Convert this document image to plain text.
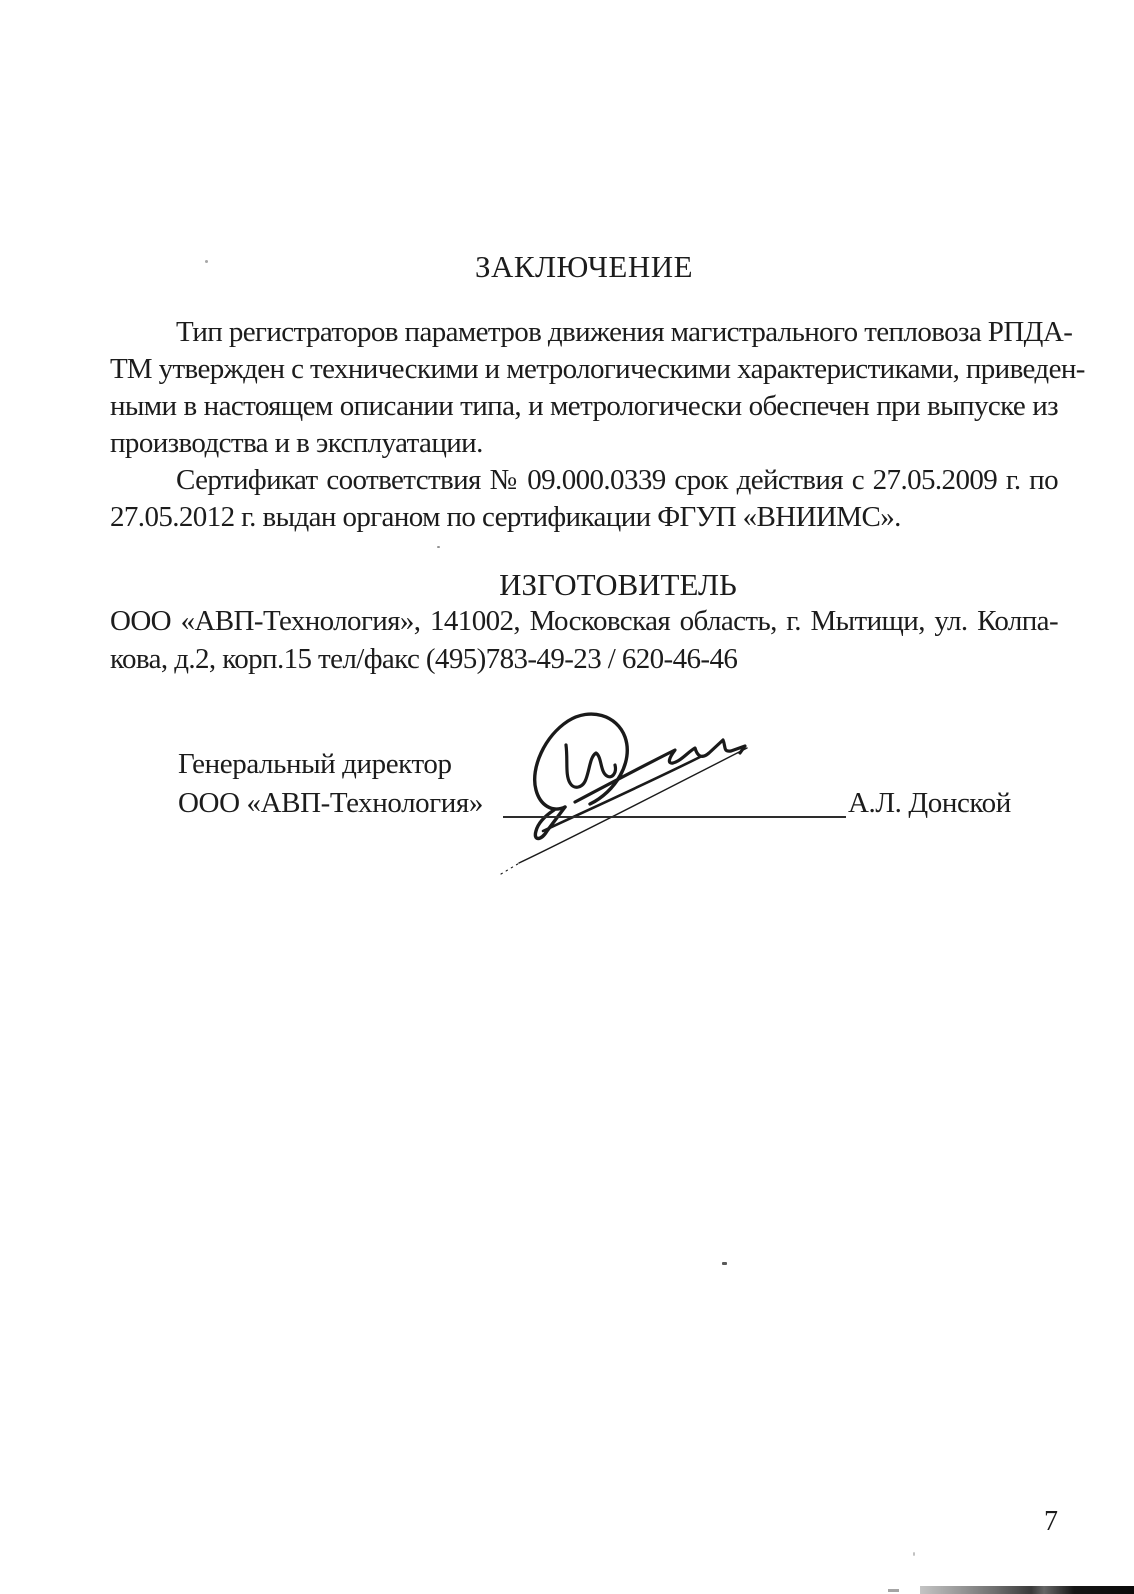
ЗАКЛЮЧЕНИЕ
Тип регистраторов параметров движения магистрального тепловоза РПДА-
ТМ утвержден с техническими и метрологическими характеристиками, приведен-
ными в настоящем описании типа, и метрологически обеспечен при выпуске из
производства и в эксплуатации.
Сертификат соответствия № 09.000.0339 срок действия с 27.05.2009 г. по
27.05.2012 г. выдан органом по сертификации ФГУП «ВНИИМС».
ИЗГОТОВИТЕЛЬ
ООО «АВП-Технология», 141002, Московская область, г. Мытищи, ул. Колпа-
кова, д.2, корп.15 тел/факс (495)783-49-23 / 620-46-46
Генеральный директор
ООО «АВП-Технология»	А.Л. Донской
7
